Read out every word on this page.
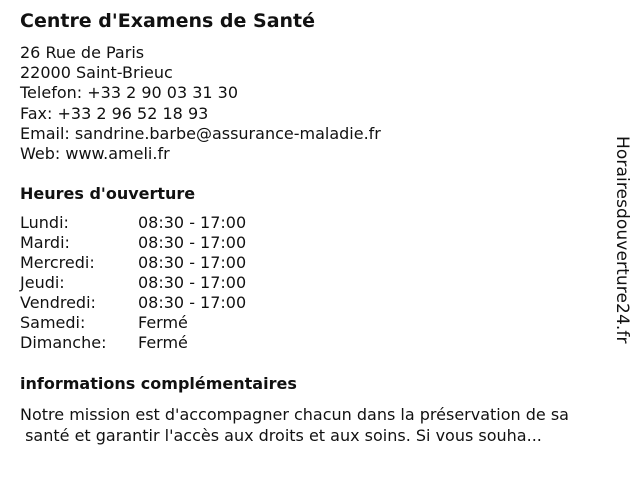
Centre d'Examens de Santé
26 Rue de Paris
22000 Saint-Brieuc
Telefon: +33 2 90 03 31 30
Fax: +33 2 96 52 18 93
Email: sandrine.barbe@assurance-maladie.fr
Web: www.ameli.fr
Heures d'ouverture
Lundi:	08:30 - 17:00
Mardi:	08:30 - 17:00
Mercredi:	08:30 - 17:00
Jeudi:	08:30 - 17:00
Vendredi:	08:30 - 17:00
Samedi:	Fermé
Dimanche: Fermé
informations complémentaires
Notre mission est d'accompagner chacun dans la préservation de sa
santé et garantir l'accès aux droits et aux soins. Si vous souha...
Horairesdouverture24.fr
